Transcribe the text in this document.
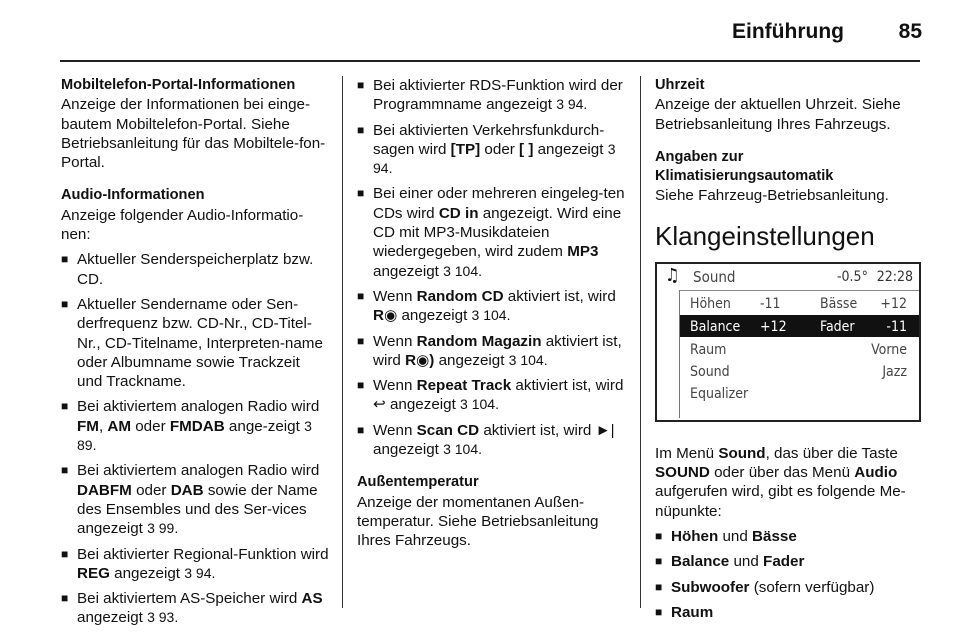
Einführung	85
Mobiltelefon-Portal-Informationen

Anzeige der Informationen bei einge-bautem Mobiltelefon-Portal. Siehe Betriebsanleitung für das Mobiltele-fon-Portal.

Audio-Informationen

Anzeige folgender Audio-Informatio-nen:

■ Aktueller Senderspeicherplatz bzw. CD.
■ Aktueller Sendername oder Sen-derfrequenz bzw. CD-Nr., CD-Titel-Nr., CD-Titelname, Interpreten-name oder Albumname sowie Trackzeit und Trackname.
■ Bei aktiviertem analogen Radio wird FM, AM oder FMDAB ange-zeigt 3 89.
■ Bei aktiviertem analogen Radio wird DABFM oder DAB sowie der Name des Ensembles und des Ser-vices angezeigt 3 99.
■ Bei aktivierter Regional-Funktion wird REG angezeigt 3 94.
■ Bei aktiviertem AS-Speicher wird AS angezeigt 3 93.
■ Bei aktivierter RDS-Funktion wird der Programmname angezeigt 3 94.
■ Bei aktivierten Verkehrsfunkdurch-sagen wird [TP] oder [ ] angezeigt 3 94.
■ Bei einer oder mehreren eingeleg-ten CDs wird CD in angezeigt. Wird eine CD mit MP3-Musikdateien wiedergegeben, wird zudem MP3 angezeigt 3 104.
■ Wenn Random CD aktiviert ist, wird R◉ angezeigt 3 104.
■ Wenn Random Magazin aktiviert ist, wird R◉) angezeigt 3 104.
■ Wenn Repeat Track aktiviert ist, wird ↩ angezeigt 3 104.
■ Wenn Scan CD aktiviert ist, wird ►| angezeigt 3 104.
Außentemperatur

Anzeige der momentanen Außen-temperatur. Siehe Betriebsanleitung Ihres Fahrzeugs.

Uhrzeit

Anzeige der aktuellen Uhrzeit. Siehe Betriebsanleitung Ihres Fahrzeugs.

Angaben zur
Klimatisierungsautomatik

Siehe Fahrzeug-Betriebsanleitung.

Klangeinstellungen
♫ Sound	-0.5° 22:28
Höhen -11	Bässe +12
Balance +12 Fader -11
Raum	Vorne
Sound	Jazz
Equalizer

Im Menü Sound, das über die Taste SOUND oder über das Menü Audio aufgerufen wird, gibt es folgende Me-nüpunkte:

■ Höhen und Bässe
■ Balance und Fader
■ Subwoofer (sofern verfügbar)
■ Raum
